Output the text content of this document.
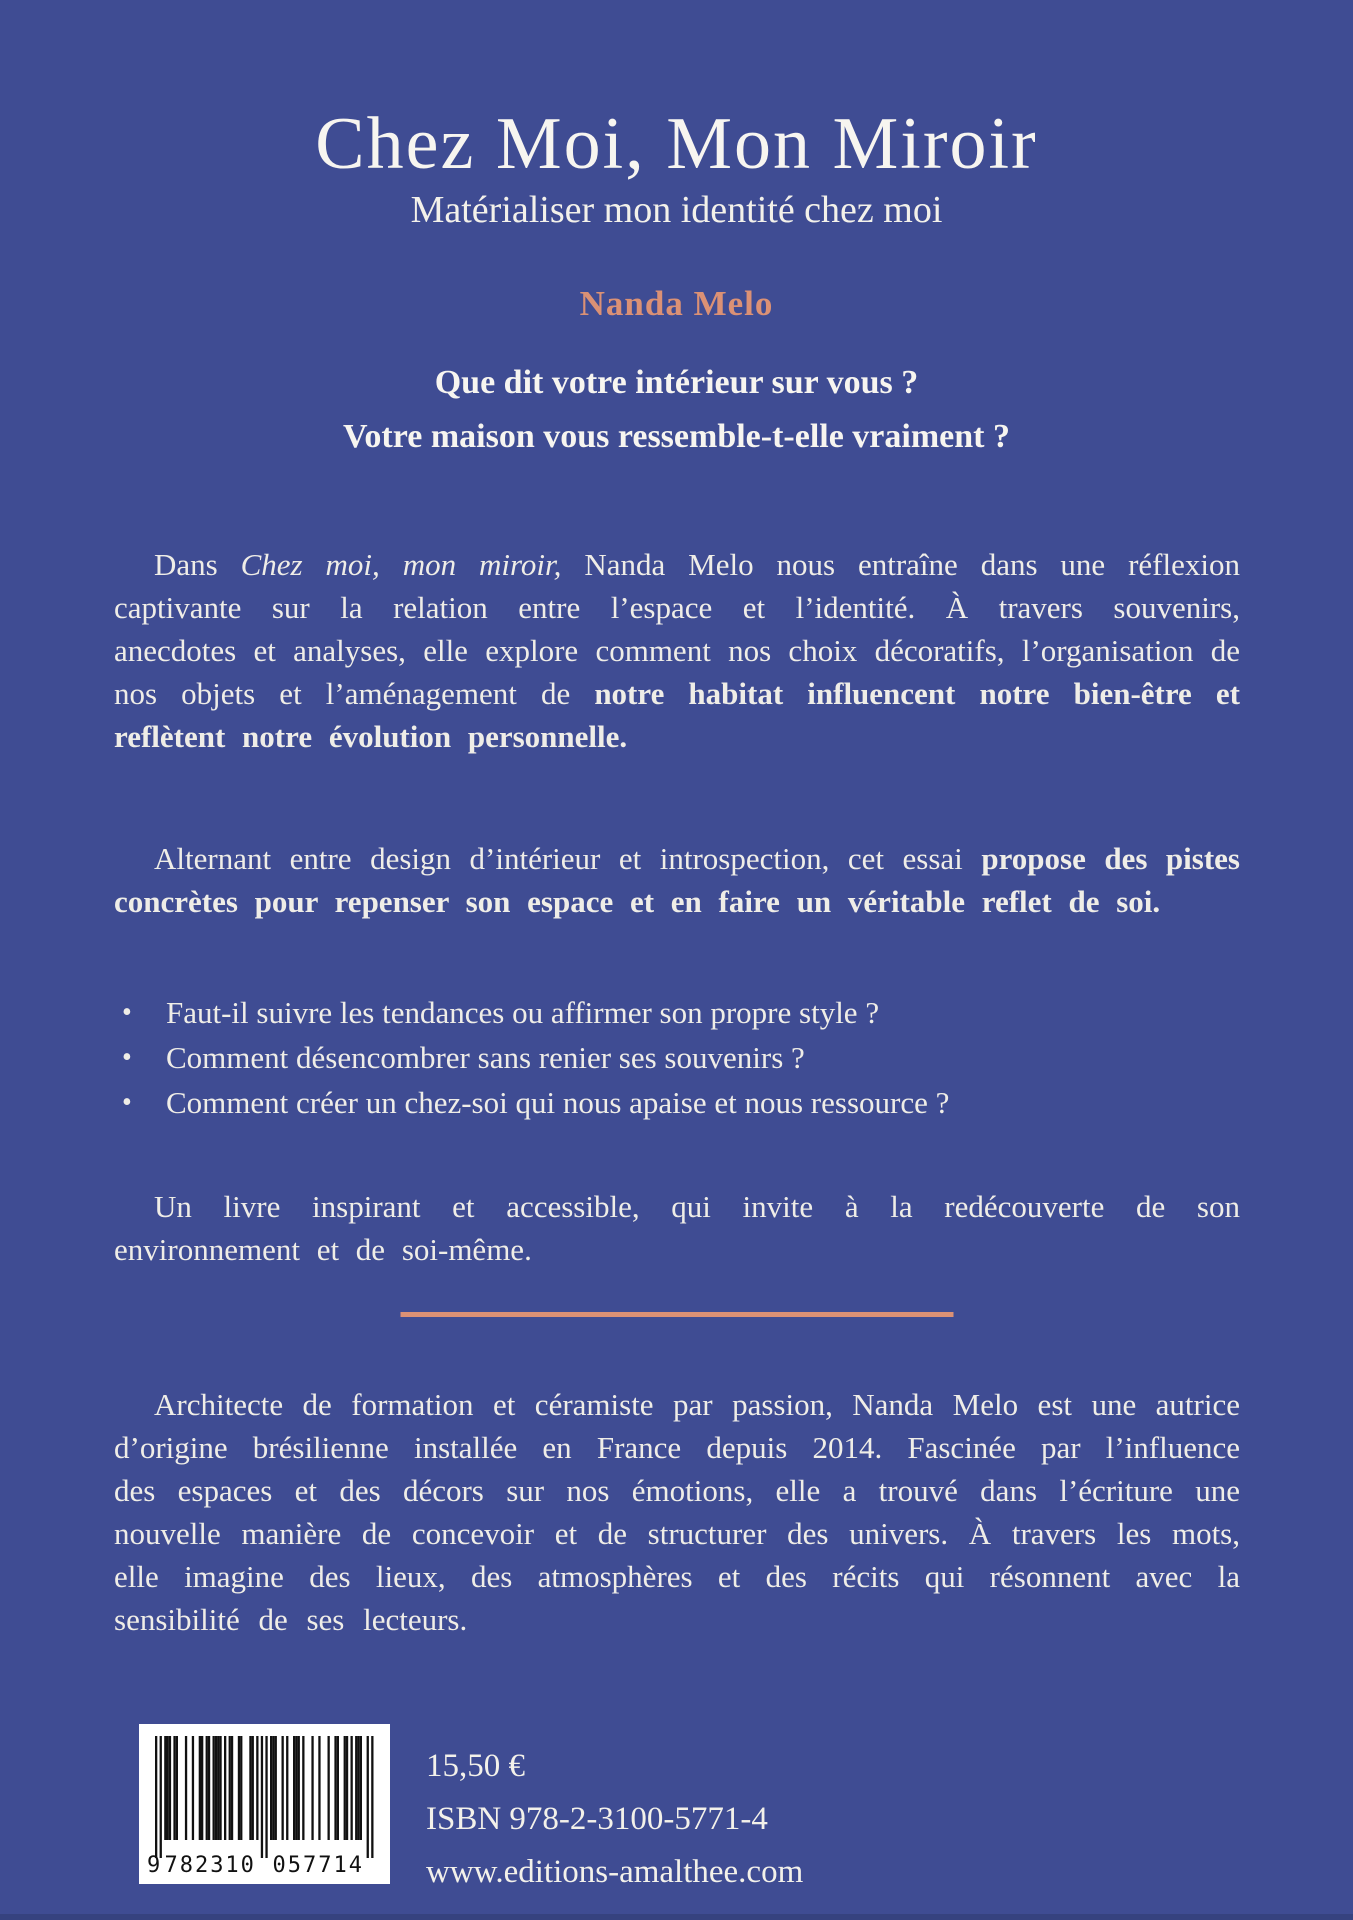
Chez Moi, Mon Miroir
Matérialiser mon identité chez moi
Nanda Melo
Que dit votre intérieur sur vous ?
Votre maison vous ressemble-t-elle vraiment ?

Dans Chez moi, mon miroir, Nanda Melo nous entraîne dans une réflexion captivante sur la relation entre l’espace et l’identité. À travers souvenirs, anecdotes et analyses, elle explore comment nos choix décoratifs, l’organisation de nos objets et l’aménagement de notre habitat influencent notre bien-être et reflètent notre évolution personnelle.

Alternant entre design d’intérieur et introspection, cet essai propose des pistes concrètes pour repenser son espace et en faire un véritable reflet de soi.

• Faut-il suivre les tendances ou affirmer son propre style ?
• Comment désencombrer sans renier ses souvenirs ?
• Comment créer un chez-soi qui nous apaise et nous ressource ?

Un livre inspirant et accessible, qui invite à la redécouverte de son environnement et de soi-même.

Architecte de formation et céramiste par passion, Nanda Melo est une autrice d’origine brésilienne installée en France depuis 2014. Fascinée par l’influence des espaces et des décors sur nos émotions, elle a trouvé dans l’écriture une nouvelle manière de concevoir et de structurer des univers. À travers les mots, elle imagine des lieux, des atmosphères et des récits qui résonnent avec la sensibilité de ses lecteurs.

9 782310 057714
15,50 €
ISBN 978-2-3100-5771-4
www.editions-amalthee.com
